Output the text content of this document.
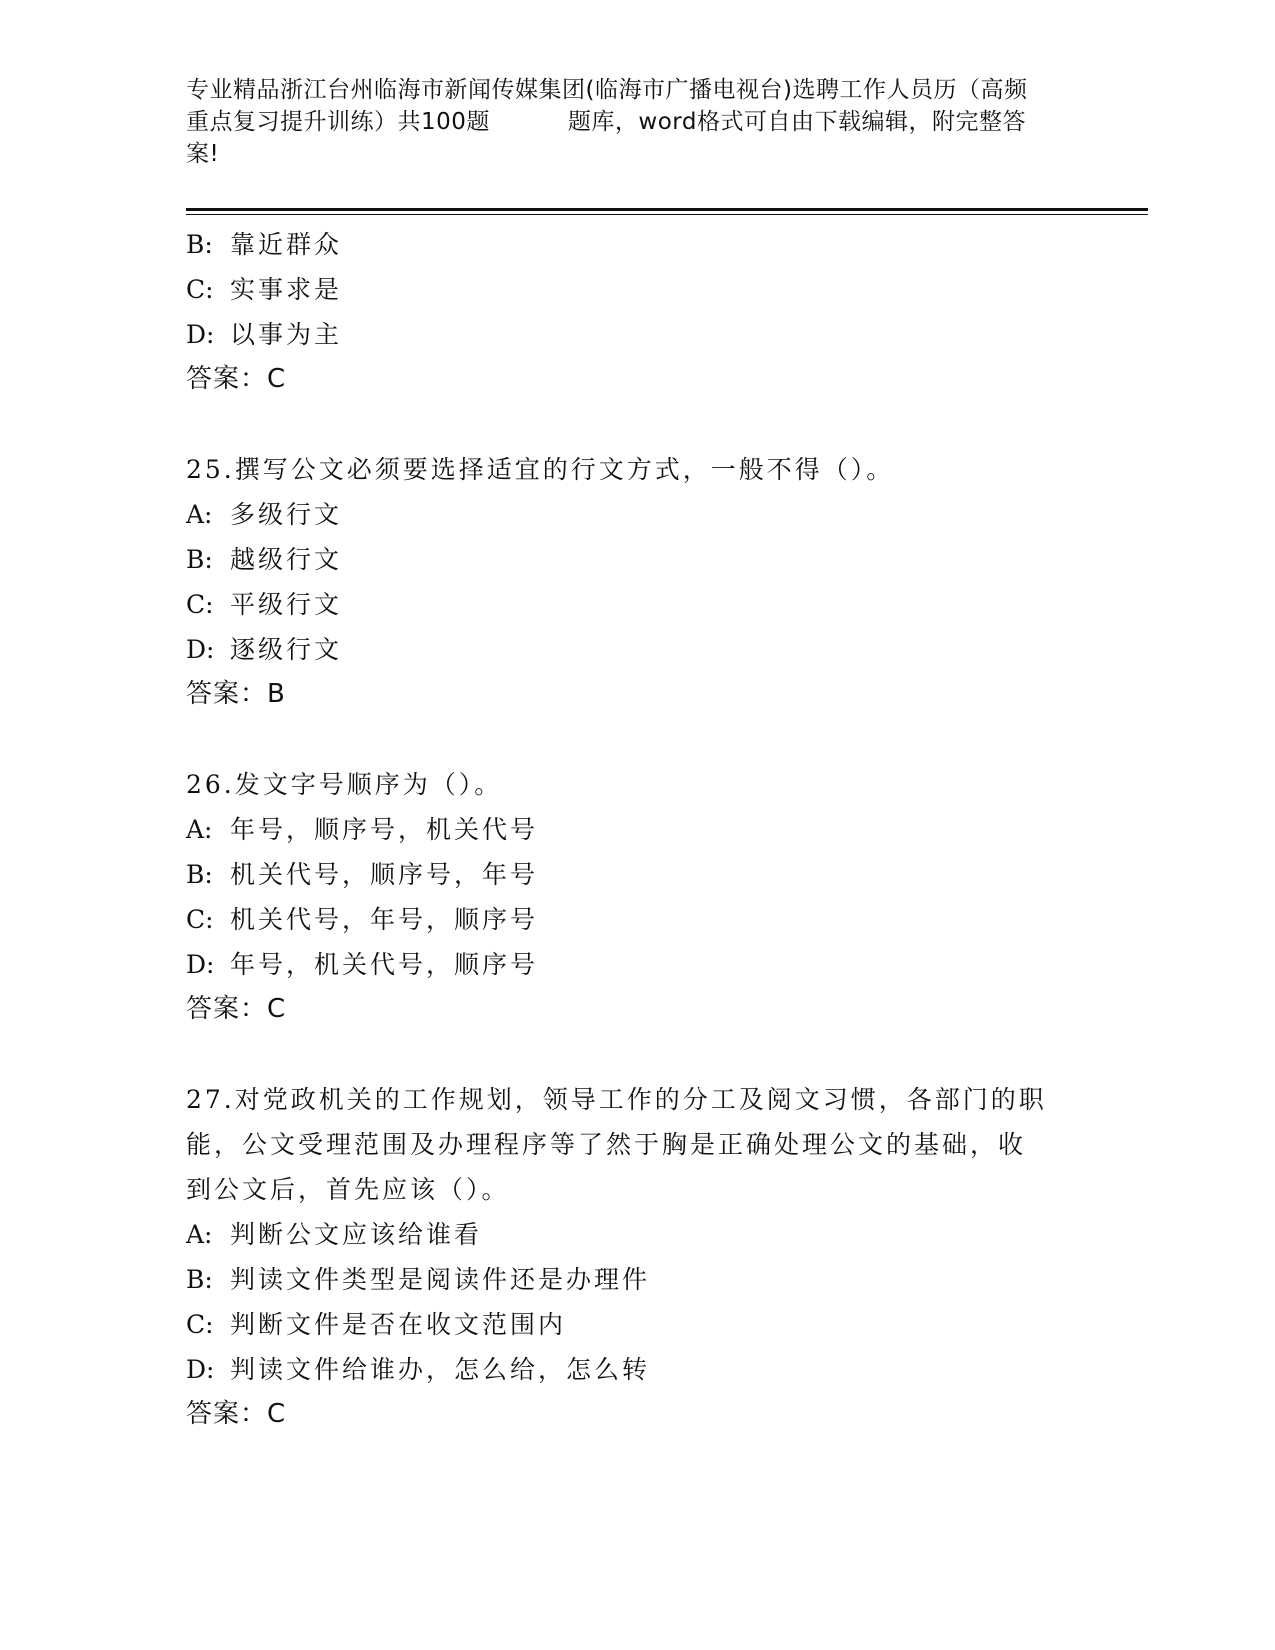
专业精品浙江台州临海市新闻传媒集团(临海市广播电视台)选聘工作人员历（高频
重点复习提升训练）共100题	题库，word格式可自由下载编辑，附完整答
案!
B: 靠近群众
C: 实事求是
D: 以事为主
答案：C
25.撰写公文必须要选择适宜的行文方式，一般不得（）。
A: 多级行文
B: 越级行文
C: 平级行文
D: 逐级行文
答案：B
26.发文字号顺序为（）。
A: 年号，顺序号，机关代号
B: 机关代号，顺序号，年号
C: 机关代号，年号，顺序号
D: 年号，机关代号，顺序号
答案：C
27.对党政机关的工作规划，领导工作的分工及阅文习惯，各部门的职
能，公文受理范围及办理程序等了然于胸是正确处理公文的基础，收
到公文后，首先应该（）。
A: 判断公文应该给谁看
B: 判读文件类型是阅读件还是办理件
C: 判断文件是否在收文范围内
D: 判读文件给谁办，怎么给，怎么转
答案：C
